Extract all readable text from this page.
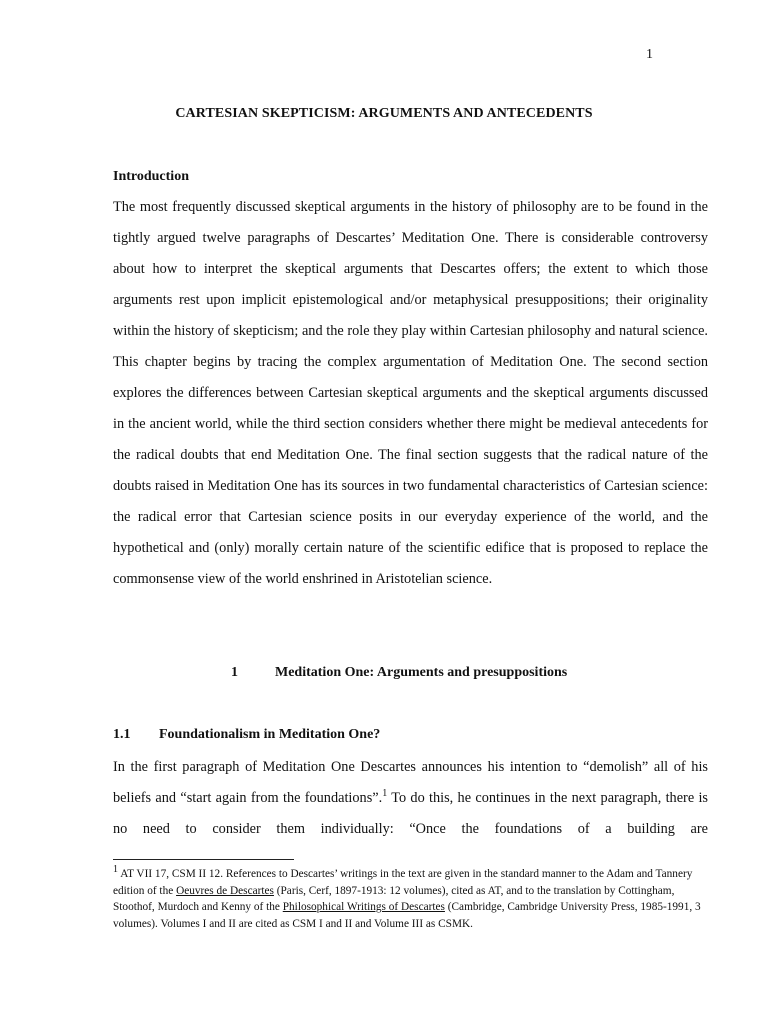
1
CARTESIAN SKEPTICISM: ARGUMENTS AND ANTECEDENTS
Introduction

The most frequently discussed skeptical arguments in the history of philosophy are to be found in the tightly argued twelve paragraphs of Descartes’ Meditation One. There is considerable controversy about how to interpret the skeptical arguments that Descartes offers; the extent to which those arguments rest upon implicit epistemological and/or metaphysical presuppositions; their originality within the history of skepticism; and the role they play within Cartesian philosophy and natural science. This chapter begins by tracing the complex argumentation of Meditation One. The second section explores the differences between Cartesian skeptical arguments and the skeptical arguments discussed in the ancient world, while the third section considers whether there might be medieval antecedents for the radical doubts that end Meditation One. The final section suggests that the radical nature of the doubts raised in Meditation One has its sources in two fundamental characteristics of Cartesian science: the radical error that Cartesian science posits in our everyday experience of the world, and the hypothetical and (only) morally certain nature of the scientific edifice that is proposed to replace the commonsense view of the world enshrined in Aristotelian science.

1	Meditation One: Arguments and presuppositions
1.1 Foundationalism in Meditation One?

In the first paragraph of Meditation One Descartes announces his intention to “demolish” all of his beliefs and “start again from the foundations”.$^1$ To do this, he continues in the next paragraph, there is no need to consider them individually: “Once the foundations of a building are

$^1$ AT VII 17, CSM II 12. References to Descartes’ writings in the text are given in the standard manner to the Adam and Tannery edition of the Oeuvres de Descartes (Paris, Cerf, 1897-1913: 12 volumes), cited as AT, and to the translation by Cottingham, Stoothof, Murdoch and Kenny of the Philosophical Writings of Descartes (Cambridge, Cambridge University Press, 1985-1991, 3 volumes). Volumes I and II are cited as CSM I and II and Volume III as CSMK.
